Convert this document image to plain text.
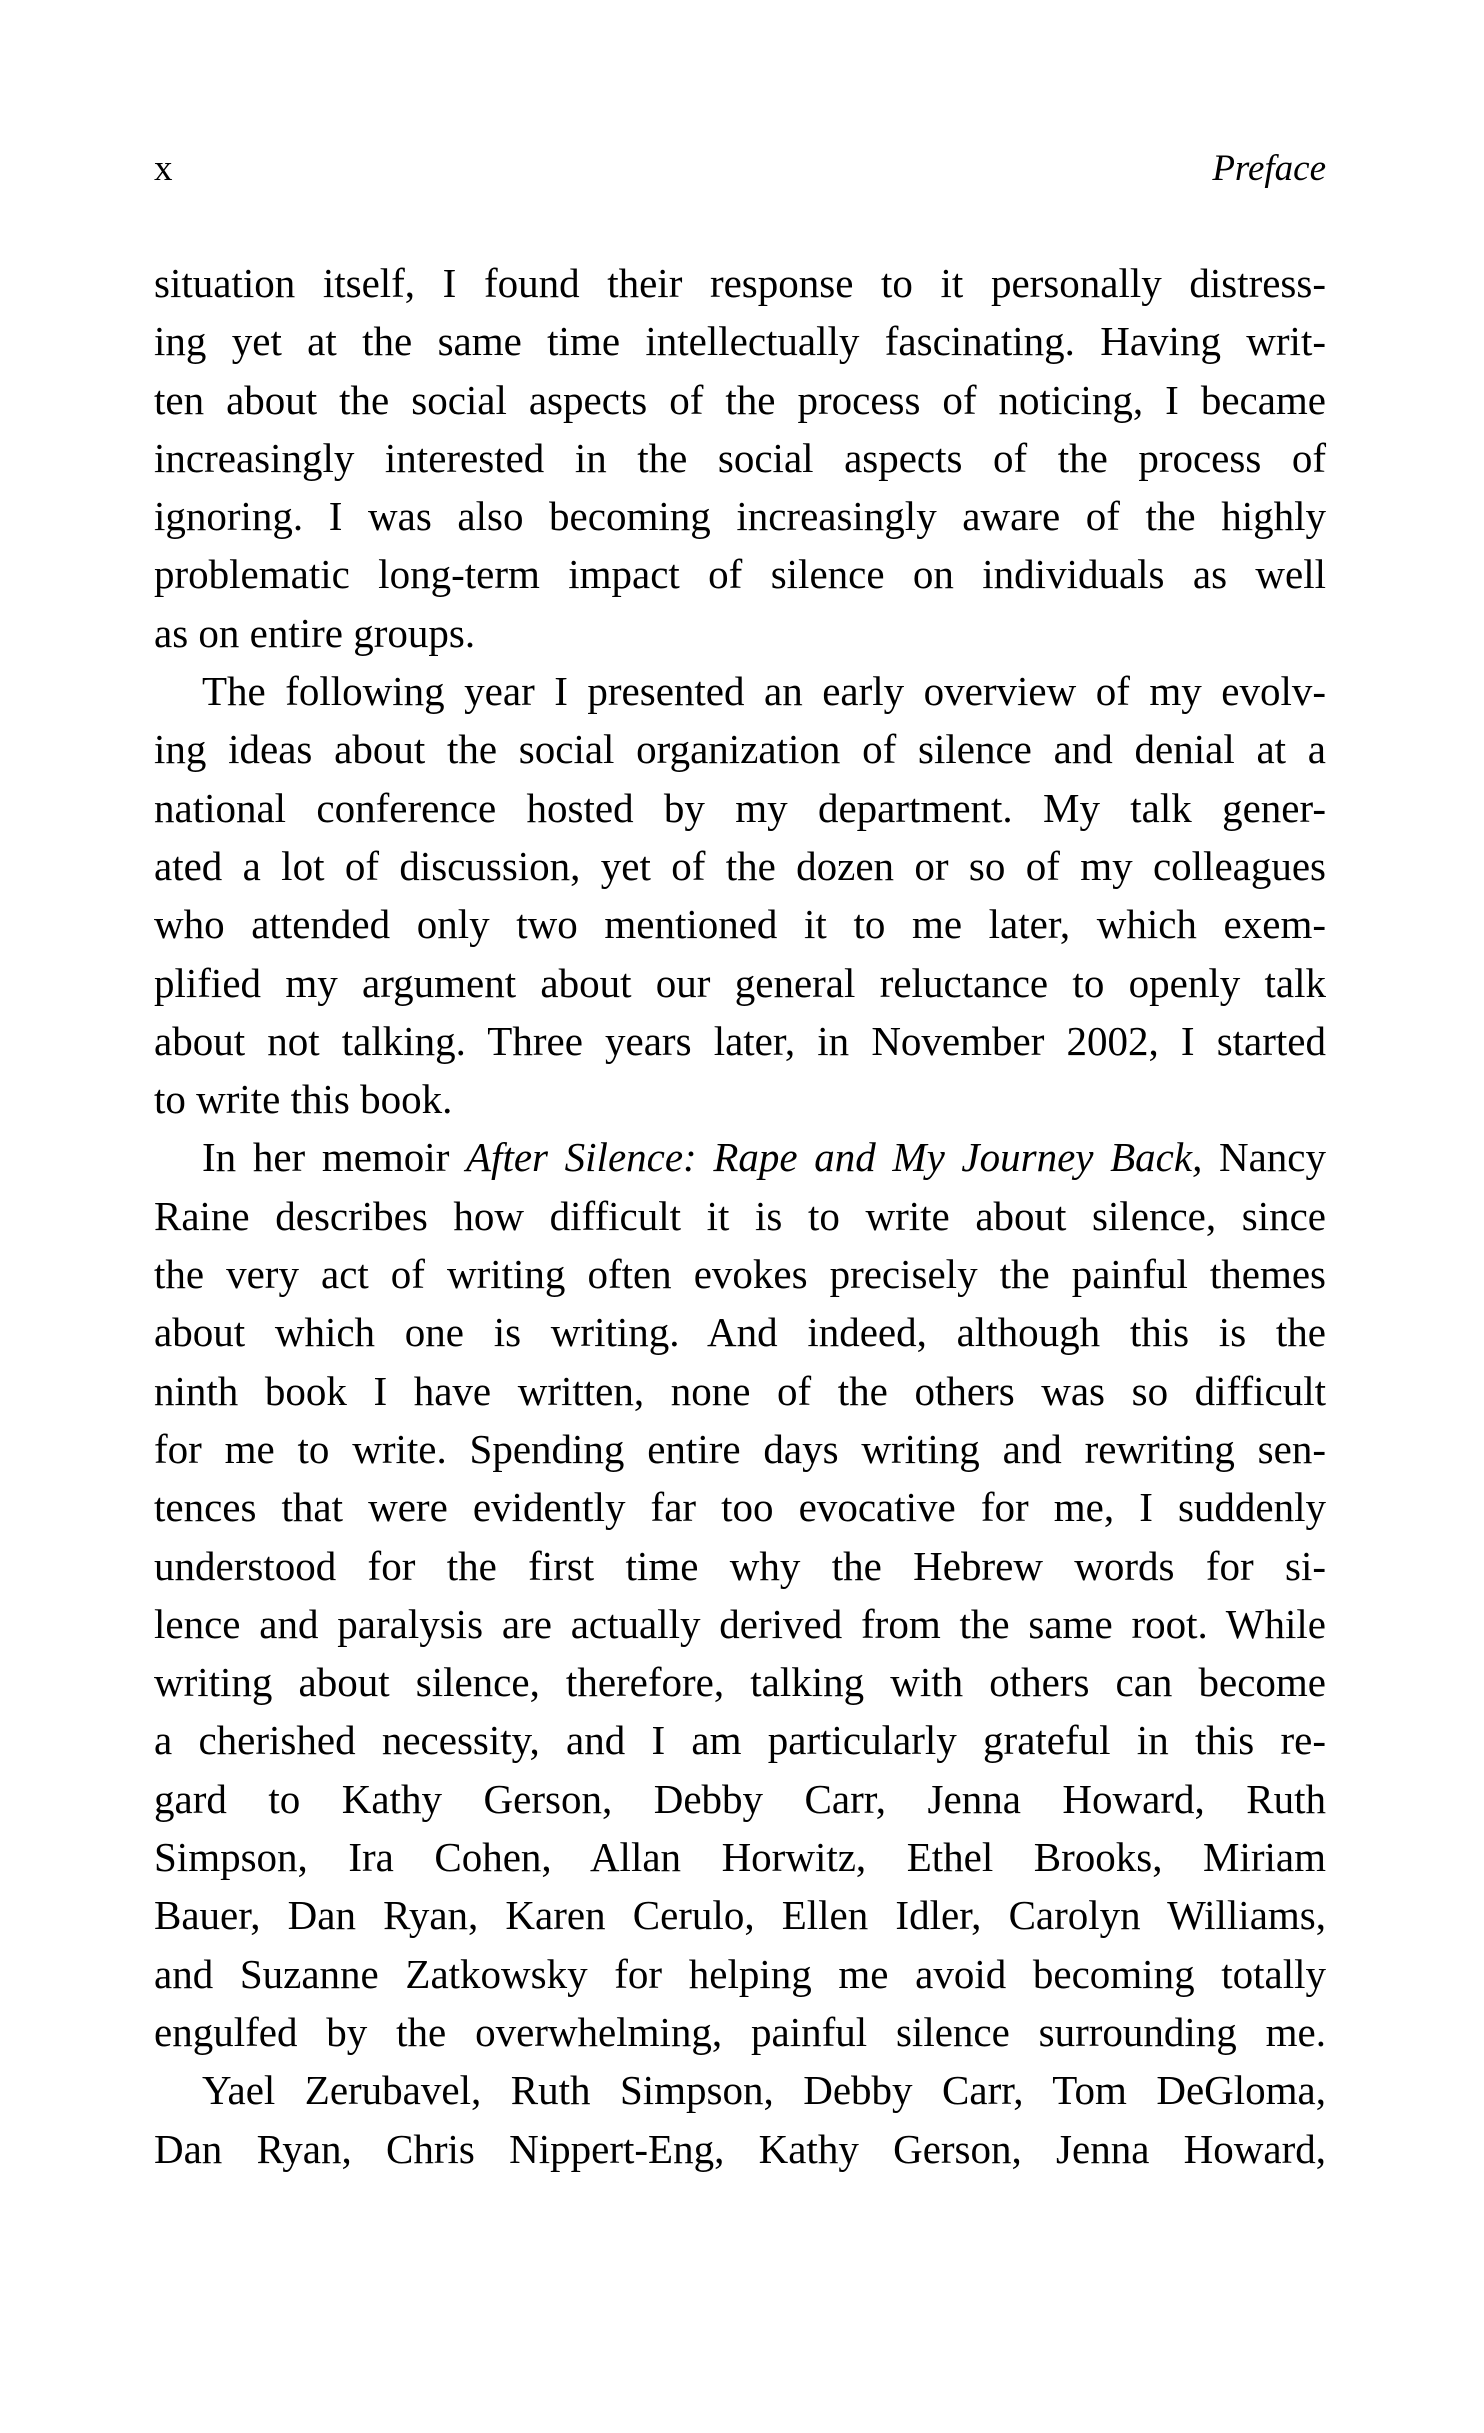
x	Preface

situation itself, I found their response to it personally distress-
ing yet at the same time intellectually fascinating. Having writ-
ten about the social aspects of the process of noticing, I became
increasingly interested in the social aspects of the process of
ignoring. I was also becoming increasingly aware of the highly
problematic long-term impact of silence on individuals as well
as on entire groups.

The following year I presented an early overview of my evolv-
ing ideas about the social organization of silence and denial at a
national conference hosted by my department. My talk gener-
ated a lot of discussion, yet of the dozen or so of my colleagues
who attended only two mentioned it to me later, which exem-
plified my argument about our general reluctance to openly talk
about not talking. Three years later, in November 2002, I started
to write this book.

In her memoir After Silence: Rape and My Journey Back, Nancy
Raine describes how difficult it is to write about silence, since
the very act of writing often evokes precisely the painful themes
about which one is writing. And indeed, although this is the
ninth book I have written, none of the others was so difficult
for me to write. Spending entire days writing and rewriting sen-
tences that were evidently far too evocative for me, I suddenly
understood for the first time why the Hebrew words for si-
lence and paralysis are actually derived from the same root. While
writing about silence, therefore, talking with others can become
a cherished necessity, and I am particularly grateful in this re-
gard to Kathy Gerson, Debby Carr, Jenna Howard, Ruth
Simpson, Ira Cohen, Allan Horwitz, Ethel Brooks, Miriam
Bauer, Dan Ryan, Karen Cerulo, Ellen Idler, Carolyn Williams,
and Suzanne Zatkowsky for helping me avoid becoming totally
engulfed by the overwhelming, painful silence surrounding me.

Yael Zerubavel, Ruth Simpson, Debby Carr, Tom DeGloma,
Dan Ryan, Chris Nippert-Eng, Kathy Gerson, Jenna Howard,
